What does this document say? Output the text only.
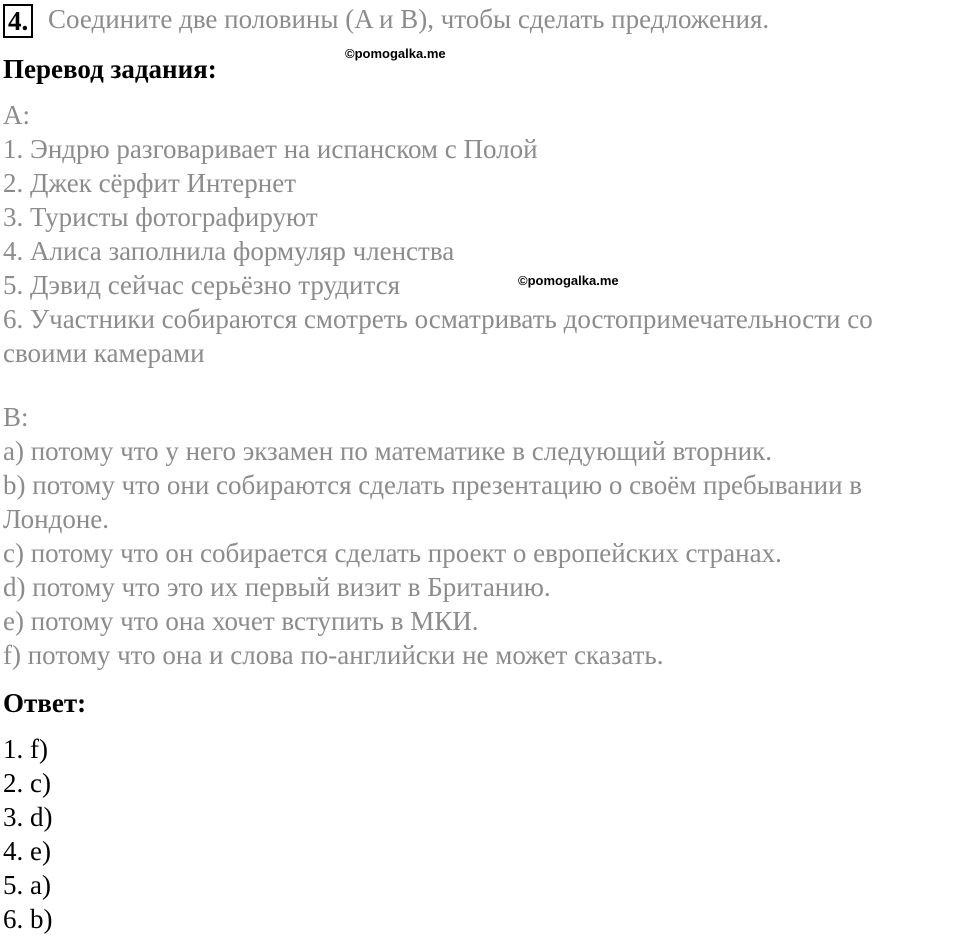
4. Соедините две половины (A и B), чтобы сделать предложения.
Перевод задания:
©pomogalka.me
A:
1. Эндрю разговаривает на испанском с Полой
2. Джек сёрфит Интернет
3. Туристы фотографируют
4. Алиса заполнила формуляр членства
5. Дэвид сейчас серьёзно трудится	©pomogalka.me
6. Участники собираются смотреть осматривать достопримечательности со
своими камерами
B:
a) потому что у него экзамен по математике в следующий вторник.
b) потому что они собираются сделать презентацию о своём пребывании в
Лондоне.
c) потому что он собирается сделать проект о европейских странах.
d) потому что это их первый визит в Британию.
e) потому что она хочет вступить в МКИ.
f) потому что она и слова по-английски не может сказать.
Ответ:
1. f)
2. c)
3. d)
4. e)
5. a)
6. b)
